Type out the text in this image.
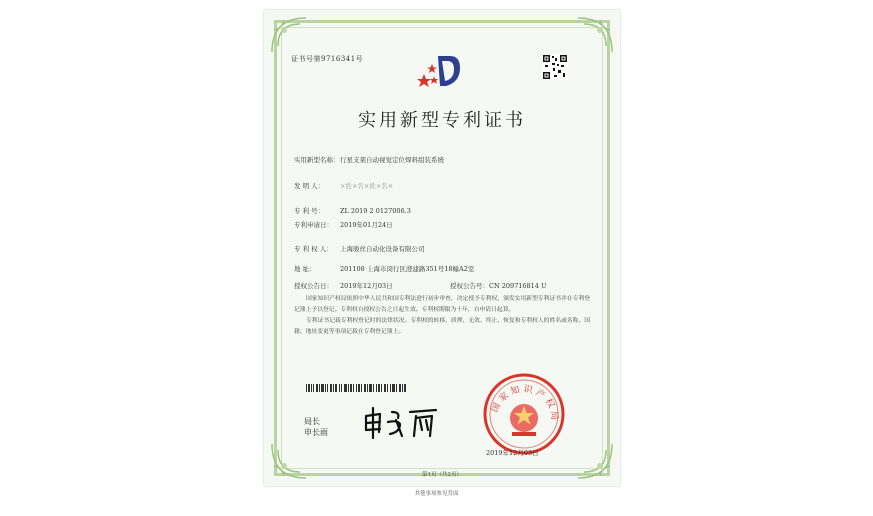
证书号第9716341号
实用新型专利证书
实用新型名称：行星支架自动视觉定位焊料组装系统
发 明 人： ×姓×名×姓×名×
专 利 号： ZL 2019 2 0127006.3
专利申请日： 2019年01月24日
专 利 权 人： 上海骏丝自动化设备有限公司
地 址：	201108 上海市闵行区澄建路351号18幢A2室
授权公告日： 2019年12月03日	授权公告号：CN 209716814 U
国家知识产权局依照中华人民共和国专利法进行初步审查，决定授予专利权，颁发实用新型专利证书并在专利登记簿上予以登记。专利权自授权公告之日起生效。专利权期限为十年，自申请日起算。
专利证书记载专利权登记时的法律状况。专利权的转移、质押、无效、终止、恢复和专利权人的姓名或名称、国籍、地址变更等事项记载在专利登记簿上。
局长
申长雨
国家知识产权局
2019年12月03日
第1页（共2页）
其他事项参见背面
